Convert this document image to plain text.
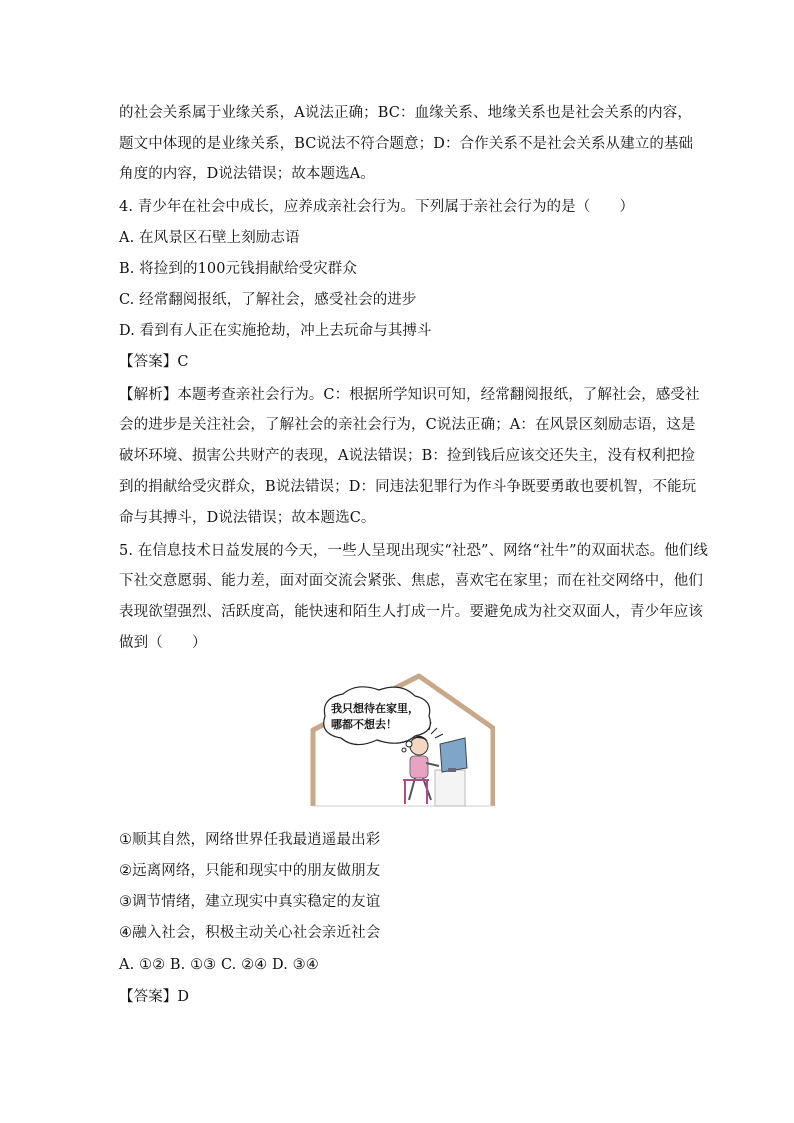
的社会关系属于业缘关系，A说法正确；BC：血缘关系、地缘关系也是社会关系的内容，
题文中体现的是业缘关系，BC说法不符合题意；D：合作关系不是社会关系从建立的基础
角度的内容，D说法错误；故本题选A。
4. 青少年在社会中成长，应养成亲社会行为。下列属于亲社会行为的是（　　）
A. 在风景区石壁上刻励志语
B. 将捡到的100元钱捐献给受灾群众
C. 经常翻阅报纸，了解社会，感受社会的进步
D. 看到有人正在实施抢劫，冲上去玩命与其搏斗
【答案】C
【解析】本题考查亲社会行为。C：根据所学知识可知，经常翻阅报纸，了解社会，感受社
会的进步是关注社会，了解社会的亲社会行为，C说法正确；A：在风景区刻励志语，这是
破坏环境、损害公共财产的表现，A说法错误；B：捡到钱后应该交还失主，没有权利把捡
到的捐献给受灾群众，B说法错误；D：同违法犯罪行为作斗争既要勇敢也要机智，不能玩
命与其搏斗，D说法错误；故本题选C。
5. 在信息技术日益发展的今天，一些人呈现出现实“社恐”、网络“社牛”的双面状态。他们线
下社交意愿弱、能力差，面对面交流会紧张、焦虑，喜欢宅在家里；而在社交网络中，他们
表现欲望强烈、活跃度高，能快速和陌生人打成一片。要避免成为社交双面人，青少年应该
做到（　　）
我只想待在家里，
哪都不想去！
①顺其自然，网络世界任我最逍遥最出彩
②远离网络，只能和现实中的朋友做朋友
③调节情绪，建立现实中真实稳定的友谊
④融入社会，积极主动关心社会亲近社会
A. ①② B. ①③ C. ②④ D. ③④
【答案】D
